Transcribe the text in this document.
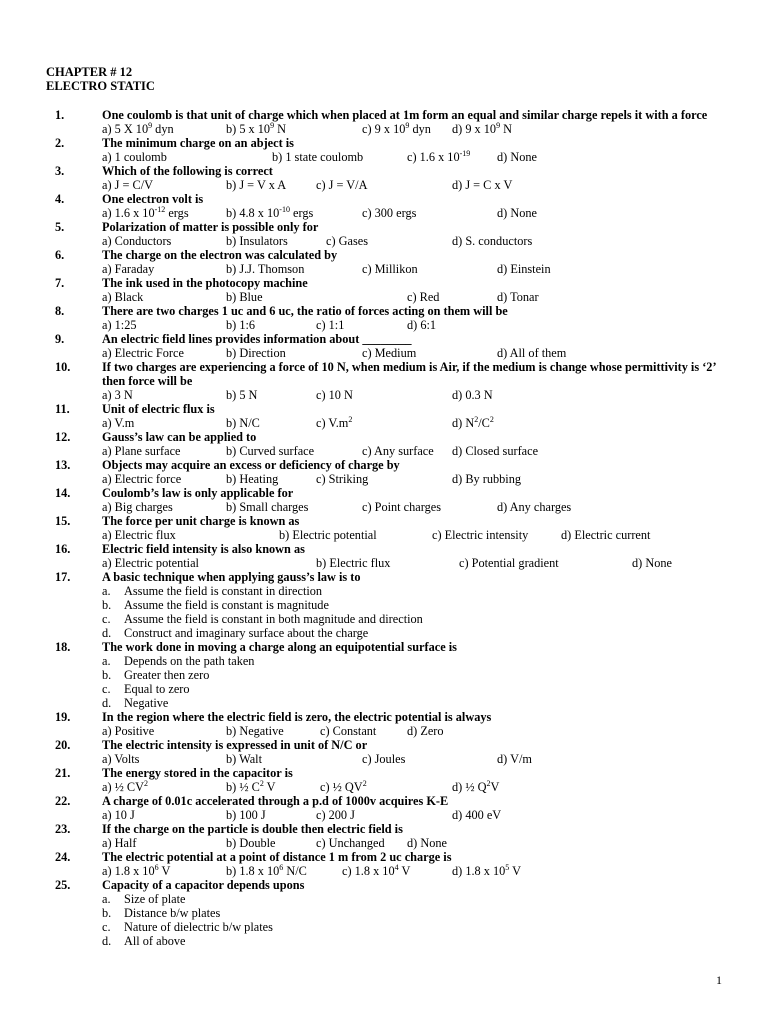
CHAPTER # 12
ELECTRO STATIC
1.	One coulomb is that unit of charge which when placed at 1m form an equal and similar charge repels it with a force
a) 5 X $10^9$ dyn	b) 5 x $10^9$ N	c) 9 x $10^9$ dyn d) 9 x $10^9$ N
2.	The minimum charge on an abject is
a) 1 coulomb	b) 1 state coulomb	c) 1.6 x $10^{-19}$ d) None
3.	Which of the following is correct
a) J = C/V	b) J = V x A c) J = V/A	d) J = C x V
4.	One electron volt is
a) 1.6 x $10^{-12}$ ergs	b) 4.8 x $10^{-10}$ ergs	c) 300 ergs	d) None
5.	Polarization of matter is possible only for
a) Conductors	b) Insulators	c) Gases	d) S. conductors
6.	The charge on the electron was calculated by
a) Faraday	b) J.J. Thomson	c) Millikon	d) Einstein
7.	The ink used in the photocopy machine
a) Black	b) Blue	c) Red	d) Tonar
8.	There are two charges 1 uc and 6 uc, the ratio of forces acting on them will be
a) 1:25	b) 1:6	c) 1:1	d) 6:1
9.	An electric field lines provides information about ________
a) Electric Force	b) Direction	c) Medium	d) All of them
10.	If two charges are experiencing a force of 10 N, when medium is Air, if the medium is change whose permittivity is ‘2’ then force will be
a) 3 N	b) 5 N	c) 10 N	d) 0.3 N
11.	Unit of electric flux is
a) V.m	b) N/C	c) $V.m^2$	d) $N^2/C^2$
12.	Gauss’s law can be applied to
a) Plane surface	b) Curved surface	c) Any surface d) Closed surface
13.	Objects may acquire an excess or deficiency of charge by
a) Electric force	b) Heating	c) Striking	d) By rubbing
14.	Coulomb’s law is only applicable for
a) Big charges	b) Small charges	c) Point charges	d) Any charges
15.	The force per unit charge is known as
a) Electric flux	b) Electric potential	c) Electric intensity	d) Electric current
16.	Electric field intensity is also known as
a) Electric potential	b) Electric flux	c) Potential gradient	d) None
17.	A basic technique when applying gauss’s law is to
a. Assume the field is constant in direction
b. Assume the field is constant is magnitude
c. Assume the field is constant in both magnitude and direction
d. Construct and imaginary surface about the charge
18.	The work done in moving a charge along an equipotential surface is
a. Depends on the path taken
b. Greater then zero
c. Equal to zero
d. Negative
19.	In the region where the electric field is zero, the electric potential is always
a) Positive	b) Negative	c) Constant d) Zero
20.	The electric intensity is expressed in unit of N/C or
a) Volts	b) Walt	c) Joules	d) V/m
21.	The energy stored in the capacitor is
a) ½ $CV^2$	b) ½ $C^2$ V	c) ½ $QV^2$	d) ½ $Q^2V$
22.	A charge of 0.01c accelerated through a p.d of 1000v acquires K-E
a) 10 J	b) 100 J	c) 200 J	d) 400 eV
23.	If the charge on the particle is double then electric field is
a) Half	b) Double	c) Unchanged d) None
24.	The electric potential at a point of distance 1 m from 2 uc charge is
a) 1.8 x $10^6$ V	b) 1.8 x $10^6$ N/C	c) 1.8 x $10^4$ V	d) 1.8 x $10^5$ V
25.	Capacity of a capacitor depends upons
a. Size of plate
b. Distance b/w plates
c. Nature of dielectric b/w plates
d. All of above
1
